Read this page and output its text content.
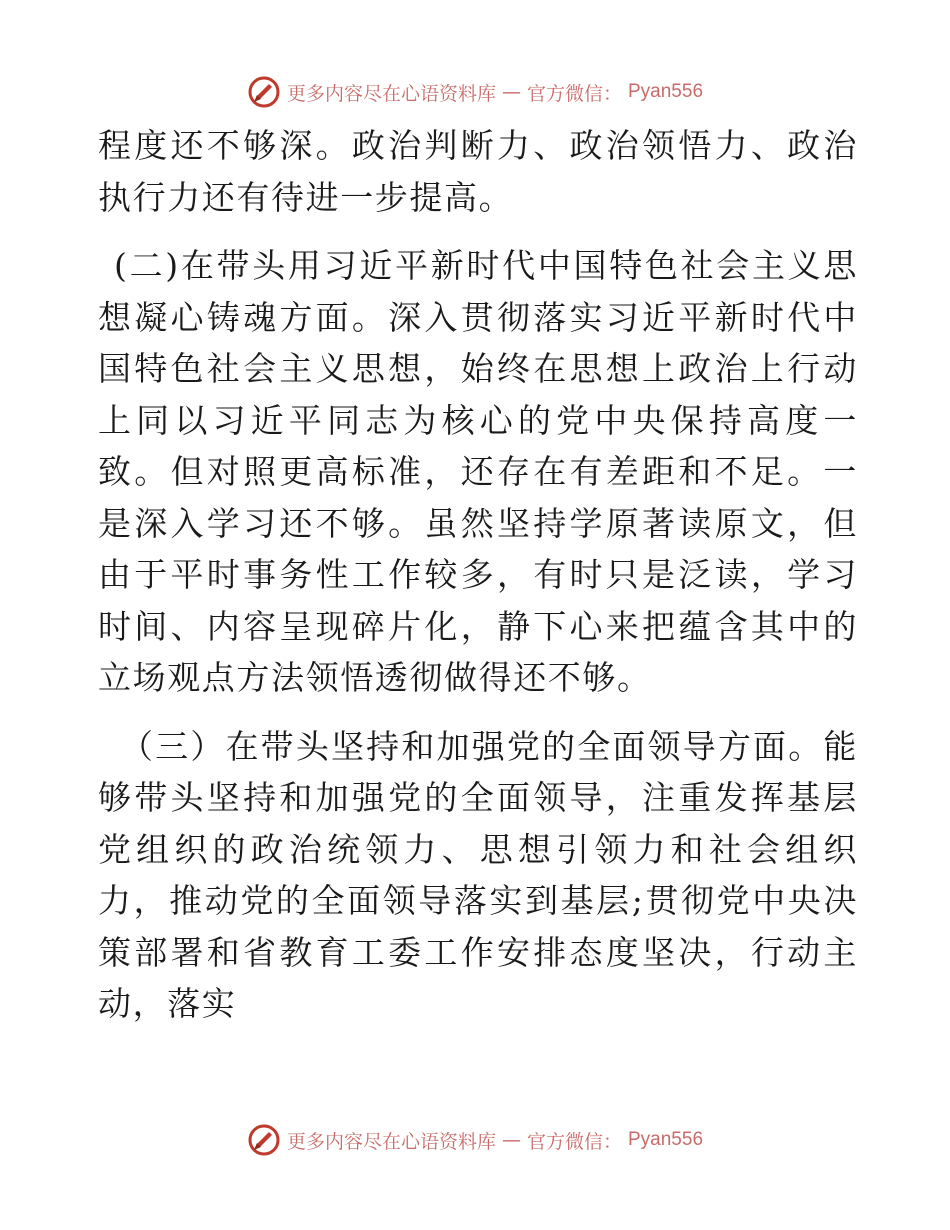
更多内容尽在心语资料库 — 官方微信： Pyan556

程度还不够深。政治判断力、政治领悟力、政治执行力还有待进一步提高。

(二)在带头用习近平新时代中国特色社会主义思想凝心铸魂方面。深入贯彻落实习近平新时代中国特色社会主义思想，始终在思想上政治上行动上同以习近平同志为核心的党中央保持高度一致。但对照更高标准，还存在有差距和不足。一是深入学习还不够。虽然坚持学原著读原文，但由于平时事务性工作较多，有时只是泛读，学习时间、内容呈现碎片化，静下心来把蕴含其中的立场观点方法领悟透彻做得还不够。

（三）在带头坚持和加强党的全面领导方面。能够带头坚持和加强党的全面领导，注重发挥基层党组织的政治统领力、思想引领力和社会组织力，推动党的全面领导落实到基层;贯彻党中央决策部署和省教育工委工作安排态度坚决，行动主动，落实

更多内容尽在心语资料库 — 官方微信： Pyan556
